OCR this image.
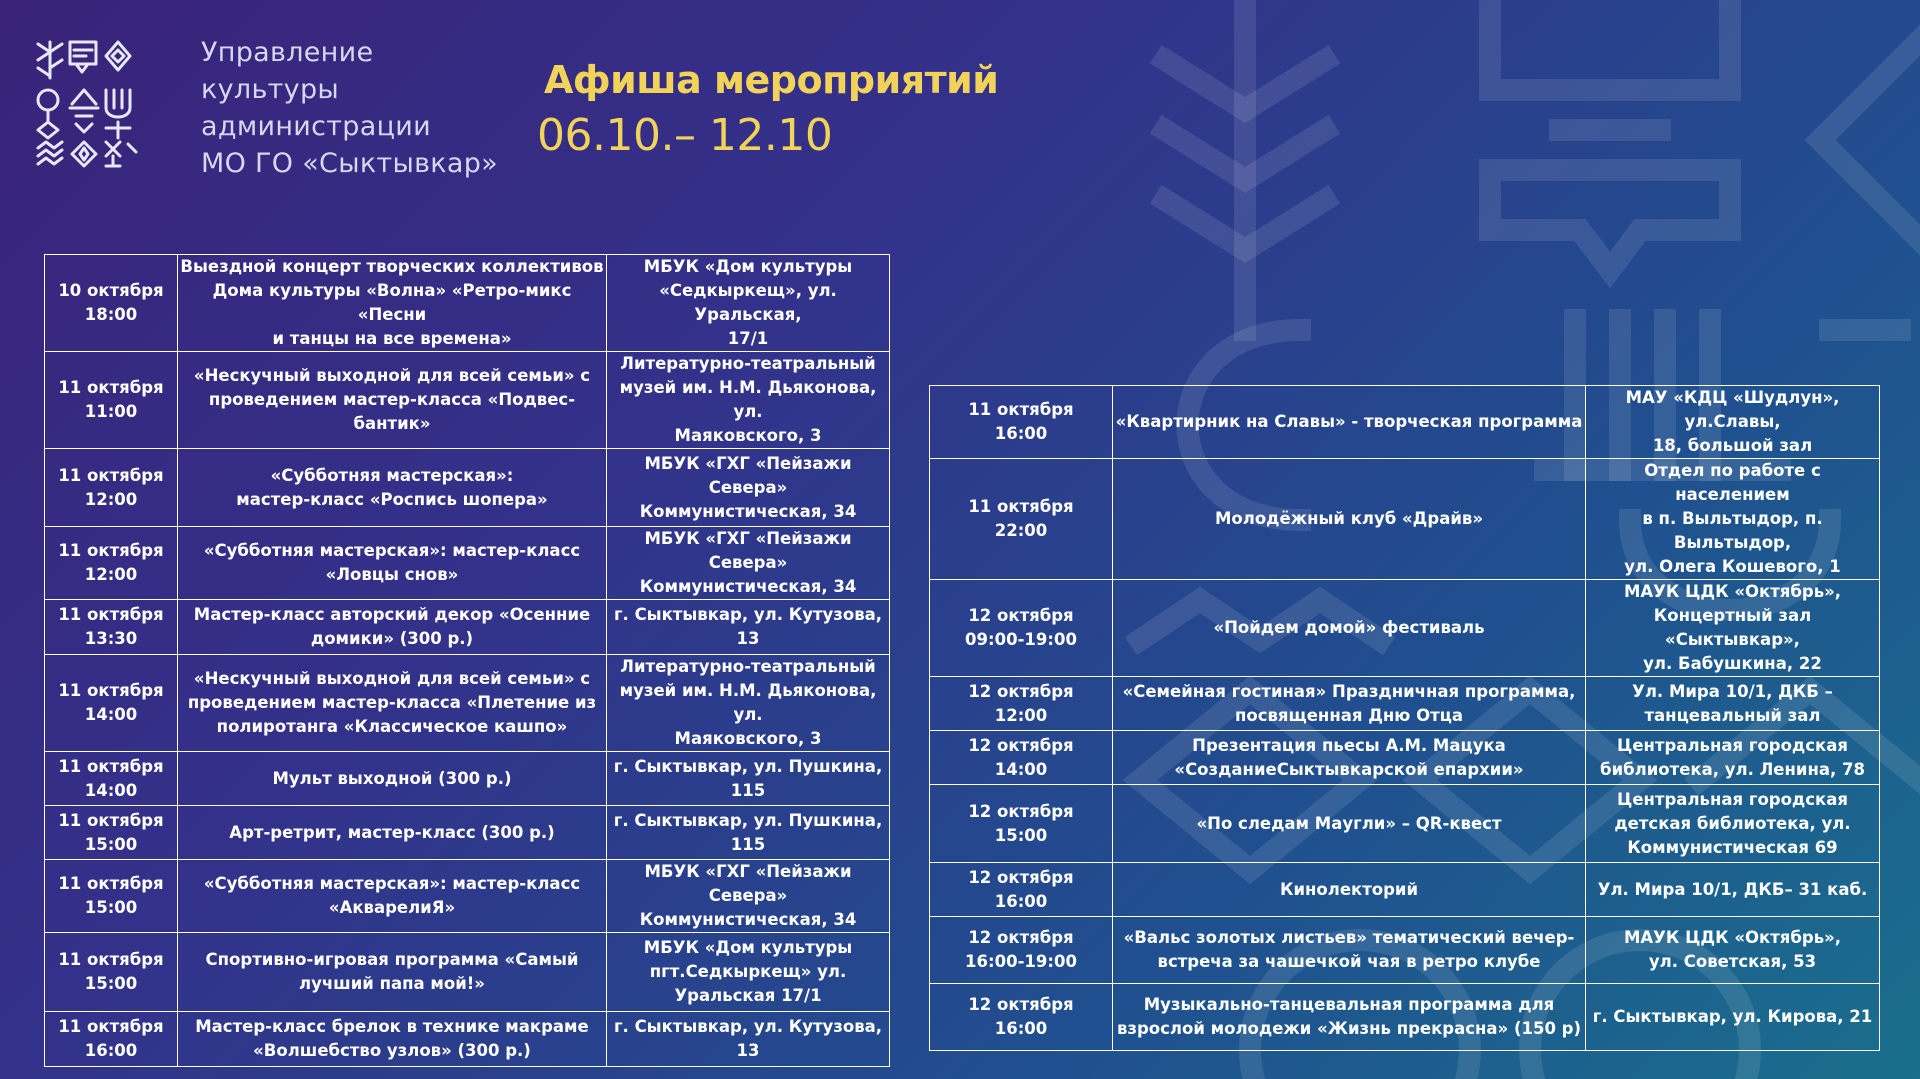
Управление
культуры
администрации
МО ГО «Сыктывкар»
Афиша мероприятий
06.10.– 12.10
10 октября
18:00	Выездной концерт творческих коллективов
Дома культуры «Волна» «Ретро-микс «Песни
и танцы на все времена»	МБУК «Дом культуры
«Седкыркещ», ул. Уральская,
17/1
11 октября
11:00	«Нескучный выходной для всей семьи» с
проведением мастер-класса «Подвес-бантик»	Литературно-театральный
музей им. Н.М. Дьяконова, ул.
Маяковского, 3
11 октября
12:00	«Субботняя мастерская»:
мастер-класс «Роспись шопера»	МБУК «ГХГ «Пейзажи Севера»
Коммунистическая, 34
11 октября
12:00	«Субботняя мастерская»: мастер-класс
«Ловцы снов»	МБУК «ГХГ «Пейзажи Севера»
Коммунистическая, 34
11 октября
13:30	Мастер-класс авторский декор «Осенние
домики» (300 р.)	г. Сыктывкар, ул. Кутузова, 13
11 октября
14:00	«Нескучный выходной для всей семьи» с
проведением мастер-класса «Плетение из
полиротанга «Классическое кашпо»	Литературно-театральный
музей им. Н.М. Дьяконова, ул.
Маяковского, 3
11 октября
14:00	Мульт выходной (300 р.)	г. Сыктывкар, ул. Пушкина,
115
11 октября
15:00	Арт-ретрит, мастер-класс (300 р.)	г. Сыктывкар, ул. Пушкина,
115
11 октября
15:00	«Субботняя мастерская»: мастер-класс
«АкварелиЯ»	МБУК «ГХГ «Пейзажи Севера»
Коммунистическая, 34
11 октября
15:00	Спортивно-игровая программа «Самый
лучший папа мой!»	МБУК «Дом культуры
пгт.Седкыркещ» ул.
Уральская 17/1
11 октября
16:00	Мастер-класс брелок в технике макраме
«Волшебство узлов» (300 р.)	г. Сыктывкар, ул. Кутузова, 13
11 октября
16:00	«Квартирник на Славы» - творческая программа	МАУ «КДЦ «Шудлун», ул.Славы,
18, большой зал
11 октября
22:00	Молодёжный клуб «Драйв»	Отдел по работе с населением
в п. Выльтыдор, п. Выльтыдор,
ул. Олега Кошевого, 1
12 октября
09:00-19:00	«Пойдем домой» фестиваль	МАУК ЦДК «Октябрь»,
Концертный зал «Сыктывкар»,
ул. Бабушкина, 22
12 октября
12:00	«Семейная гостиная» Праздничная программа,
посвященная Дню Отца	Ул. Мира 10/1, ДКБ –
танцевальный зал
12 октября
14:00	Презентация пьесы А.М. Мацука
«СозданиеСыктывкарской епархии»	Центральная городская
библиотека, ул. Ленина, 78
12 октября
15:00	«По следам Маугли» – QR-квест	Центральная городская
детская библиотека, ул.
Коммунистическая 69
12 октября
16:00	Кинолекторий	Ул. Мира 10/1, ДКБ– 31 каб.
12 октября
16:00-19:00	«Вальс золотых листьев» тематический вечер-
встреча за чашечкой чая в ретро клубе	МАУК ЦДК «Октябрь»,
ул. Советская, 53
12 октября
16:00	Музыкально-танцевальная программа для
взрослой молодежи «Жизнь прекрасна» (150 р)	г. Сыктывкар, ул. Кирова, 21
